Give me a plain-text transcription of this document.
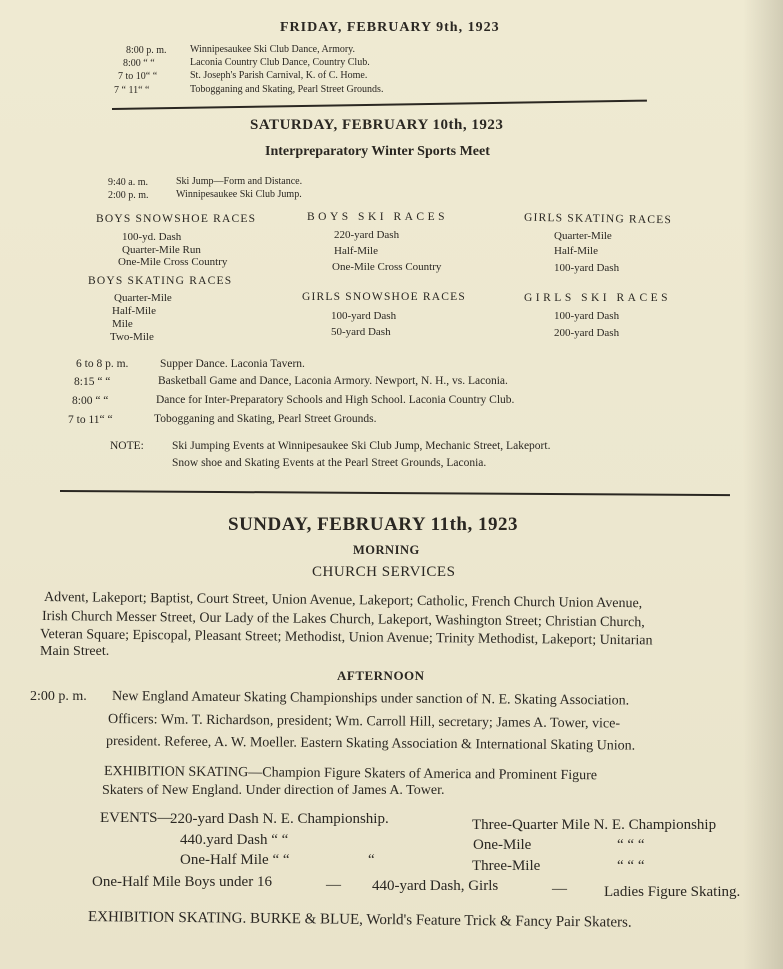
FRIDAY, FEBRUARY 9th, 1923
8:00 p. m. Winnipesaukee Ski Club Dance, Armory.
8:00 “ “	Laconia Country Club Dance, Country Club.
7 to 10“ “	St. Joseph's Parish Carnival, K. of C. Home.
7 “ 11“ “	Tobogganing and Skating, Pearl Street Grounds.
SATURDAY, FEBRUARY 10th, 1923
Interpreparatory Winter Sports Meet
9:40 a. m.	Ski Jump—Form and Distance.
2:00 p. m.	Winnipesaukee Ski Club Jump.
BOYS SNOWSHOE RACES
100-yd. Dash
Quarter-Mile Run
One-Mile Cross Country
BOYS SKI RACES
220-yard Dash
Half-Mile
One-Mile Cross Country
GIRLS SKATING RACES
Quarter-Mile
Half-Mile
100-yard Dash
BOYS SKATING RACES
Quarter-Mile
Half-Mile
Mile
Two-Mile
GIRLS SNOWSHOE RACES
100-yard Dash
50-yard Dash
GIRLS SKI RACES
100-yard Dash
200-yard Dash
6 to 8 p. m.	Supper Dance. Laconia Tavern.
8:15 “ “	Basketball Game and Dance, Laconia Armory. Newport, N. H., vs. Laconia.
8:00 “ “	Dance for Inter-Preparatory Schools and High School. Laconia Country Club.
7 to 11“ “	Tobogganing and Skating, Pearl Street Grounds.
NOTE: Ski Jumping Events at Winnipesaukee Ski Club Jump, Mechanic Street, Lakeport.
Snow shoe and Skating Events at the Pearl Street Grounds, Laconia.
SUNDAY, FEBRUARY 11th, 1923
MORNING
CHURCH SERVICES
Advent, Lakeport; Baptist, Court Street, Union Avenue, Lakeport; Catholic, French Church Union Avenue,
Irish Church Messer Street, Our Lady of the Lakes Church, Lakeport, Washington Street; Christian Church,
Veteran Square; Episcopal, Pleasant Street; Methodist, Union Avenue; Trinity Methodist, Lakeport; Unitarian
Main Street.
AFTERNOON
2:00 p. m. New England Amateur Skating Championships under sanction of N. E. Skating Association.
Officers: Wm. T. Richardson, president; Wm. Carroll Hill, secretary; James A. Tower, vice-
president. Referee, A. W. Moeller. Eastern Skating Association & International Skating Union.
EXHIBITION SKATING—Champion Figure Skaters of America and Prominent Figure
Skaters of New England. Under direction of James A. Tower.
EVENTS—
220-yard Dash N. E. Championship.	Three-Quarter Mile N. E. Championship
440.yard Dash “ “	One-Mile	“ “ “
One-Half Mile “ “	“	Three-Mile	“ “ “
One-Half Mile Boys under 16	— 440-yard Dash, Girls	— Ladies Figure Skating.
EXHIBITION SKATING. BURKE & BLUE, World's Feature Trick & Fancy Pair Skaters.
